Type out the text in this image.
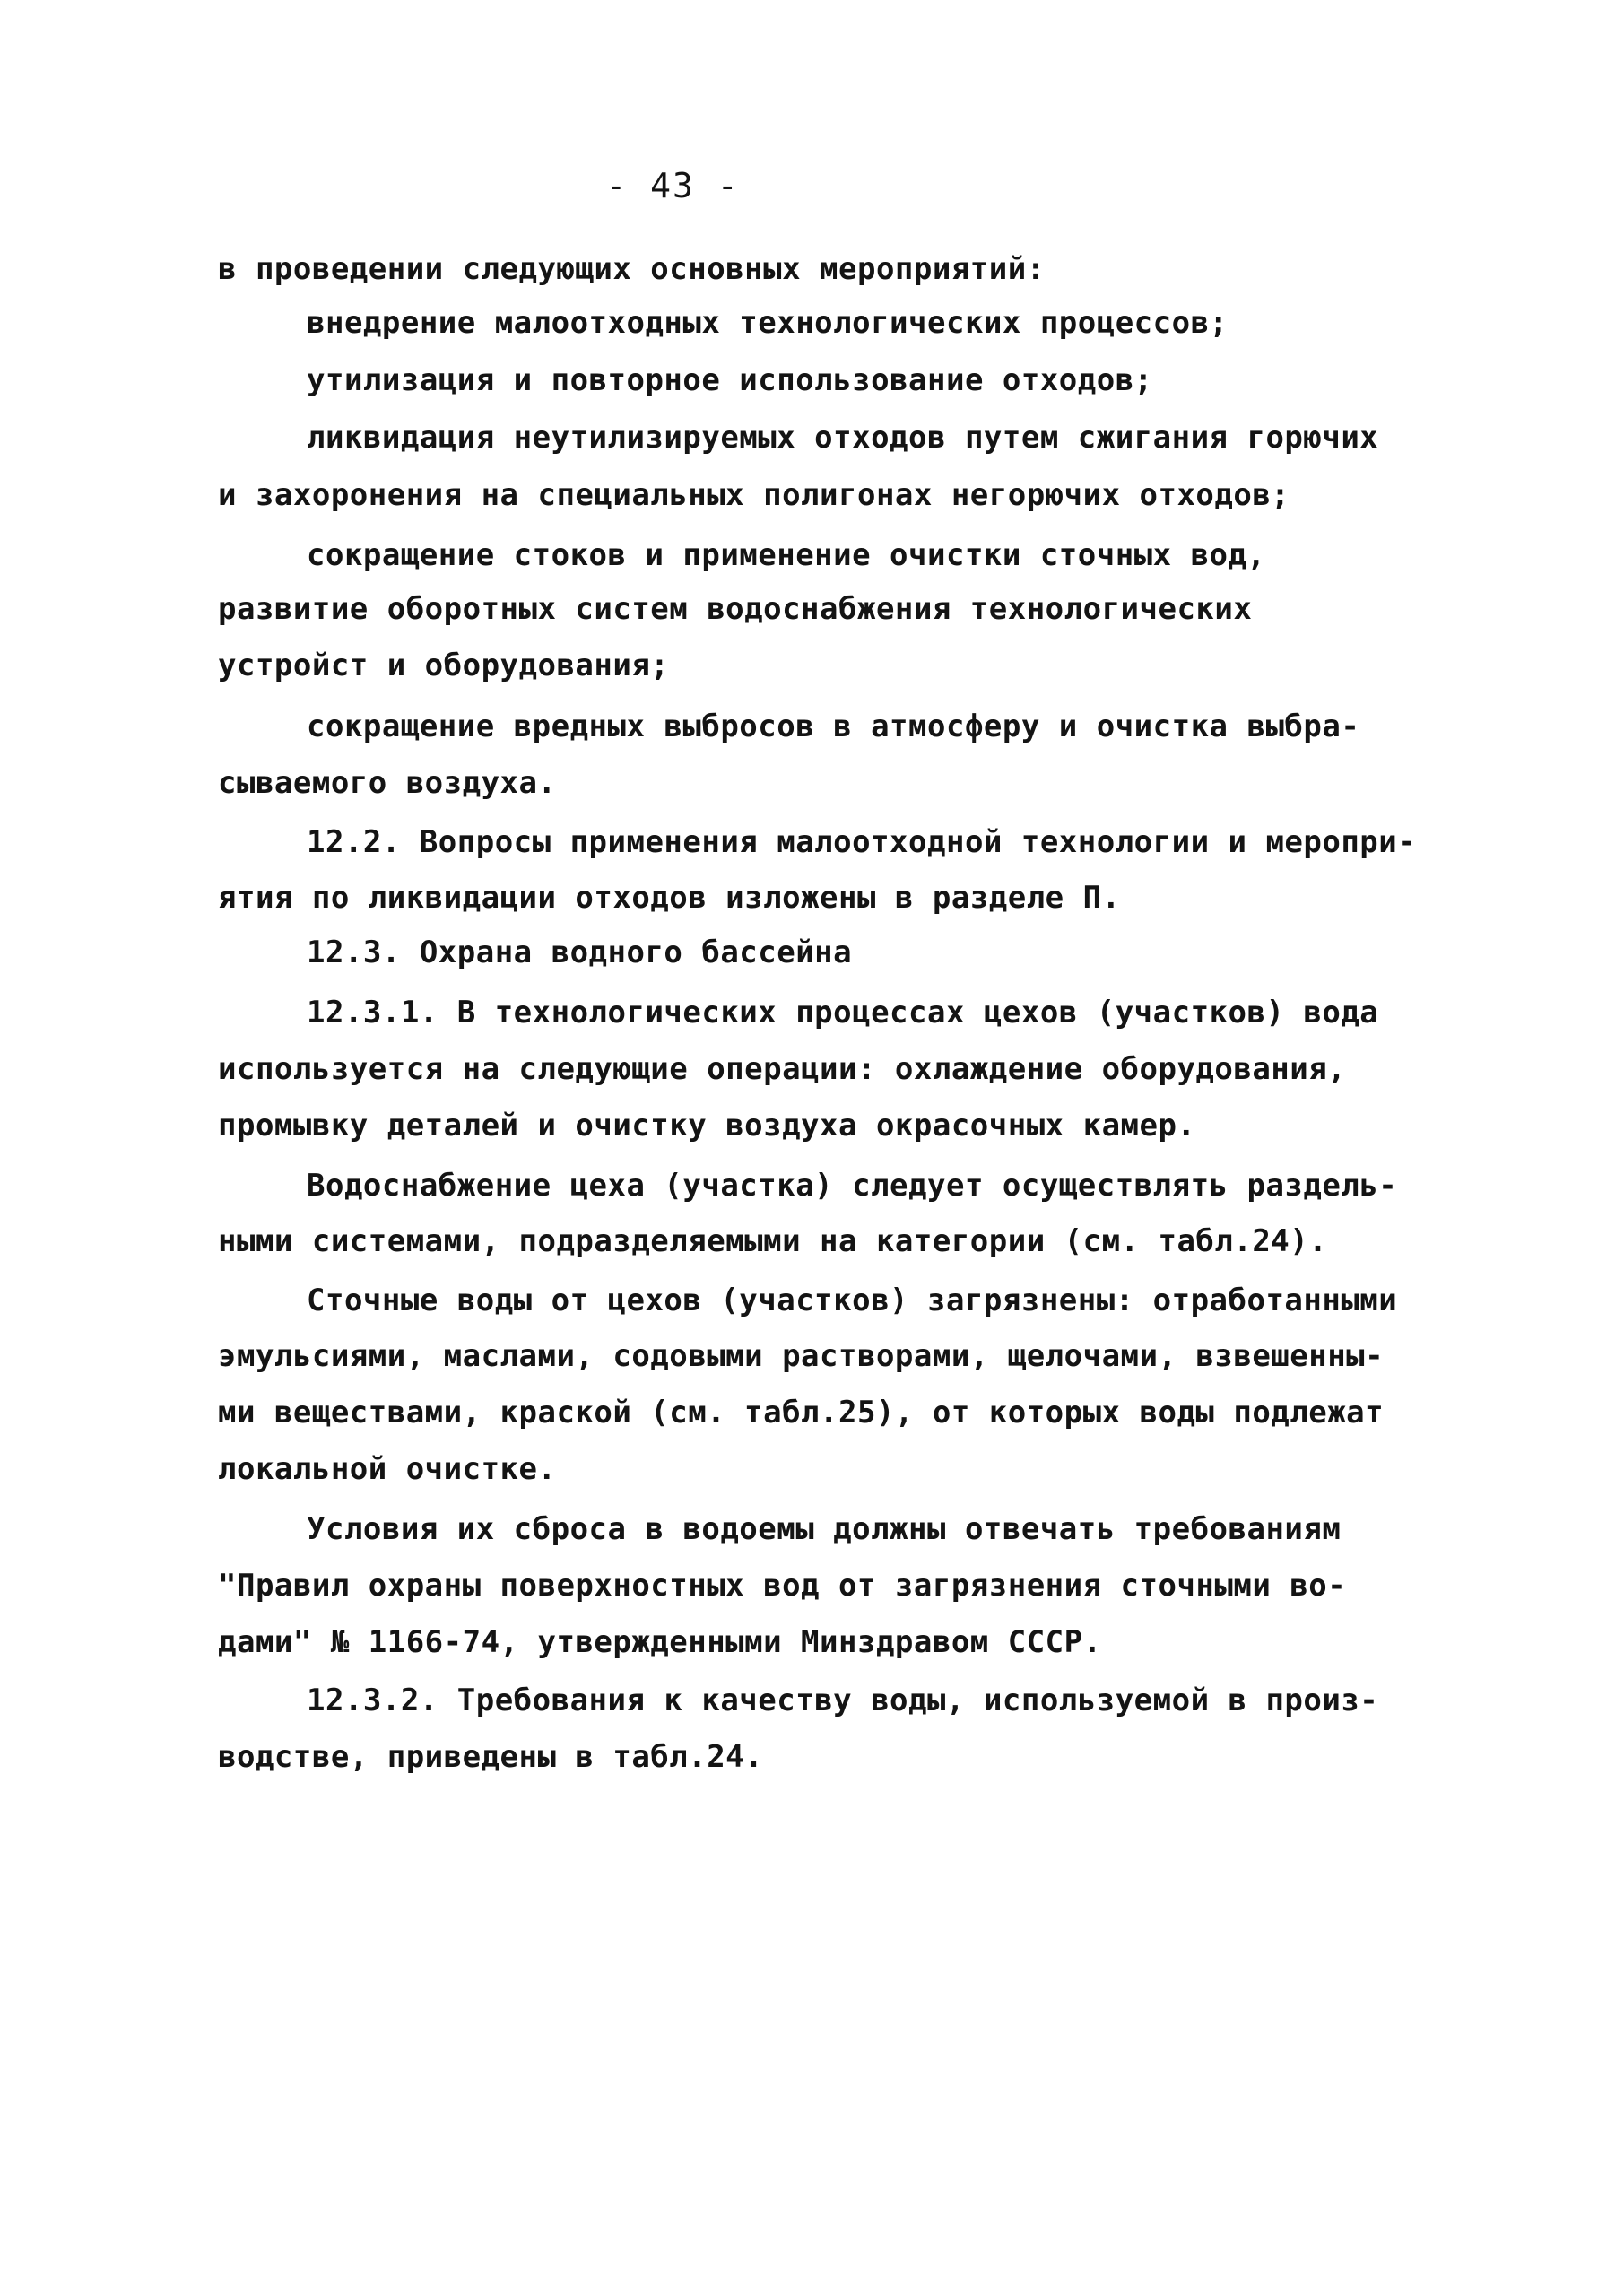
- 43 -
в проведении следующих основных мероприятий:
внедрение малоотходных технологических процессов;
утилизация и повторное использование отходов;
ликвидация неутилизируемых отходов путем сжигания горючих
и захоронения на специальных полигонах негорючих отходов;
сокращение стоков и применение очистки сточных вод,
развитие оборотных систем водоснабжения технологических
устройст и оборудования;
сокращение вредных выбросов в атмосферу и очистка выбра-
сываемого воздуха.
12.2. Вопросы применения малоотходной технологии и меропри-
ятия по ликвидации отходов изложены в разделе П.
12.3. Охрана водного бассейна
12.3.1. В технологических процессах цехов (участков) вода
используется на следующие операции: охлаждение оборудования,
промывку деталей и очистку воздуха окрасочных камер.
Водоснабжение цеха (участка) следует осуществлять раздель-
ными системами, подразделяемыми на категории (см. табл.24).
Сточные воды от цехов (участков) загрязнены: отработанными
эмульсиями, маслами, содовыми растворами, щелочами, взвешенны-
ми веществами, краской (см. табл.25), от которых воды подлежат
локальной очистке.
Условия их сброса в водоемы должны отвечать требованиям
"Правил охраны поверхностных вод от загрязнения сточными во-
дами" № 1166-74, утвержденными Минздравом СССР.
12.3.2. Требования к качеству воды, используемой в произ-
водстве, приведены в табл.24.
